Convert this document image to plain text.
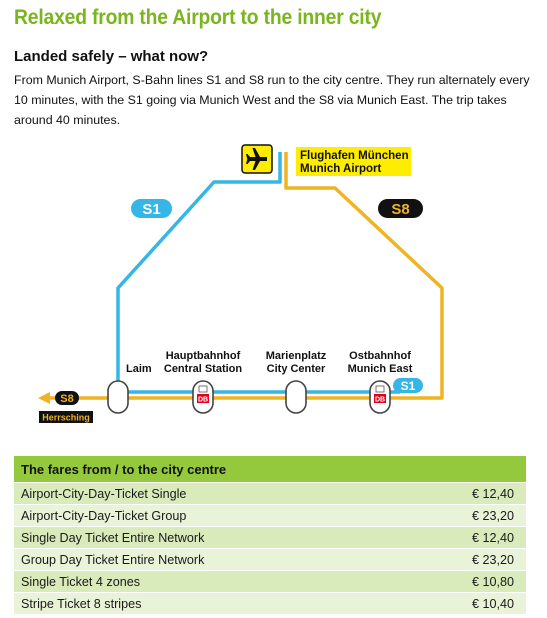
Relaxed from the Airport to the inner city
Landed safely – what now?

From Munich Airport, S-Bahn lines S1 and S8 run to the city centre. They run alternately every 10 minutes, with the S1 going via Munich West and the S8 via Munich East. The trip takes around 40 minutes.

Flughafen München
Munich Airport
S1	S8
Laim
Hauptbahnhof
Central Station
Marienplatz
City Center
Ostbahnhof
Munich East
DB	DB
S1
S8
Herrsching
The fares from / to the city centre	
Airport-City-Day-Ticket Single	€ 12,40
Airport-City-Day-Ticket Group	€ 23,20
Single Day Ticket Entire Network	€ 12,40
Group Day Ticket Entire Network	€ 23,20
Single Ticket 4 zones	€ 10,80
Stripe Ticket 8 stripes	€ 10,40
